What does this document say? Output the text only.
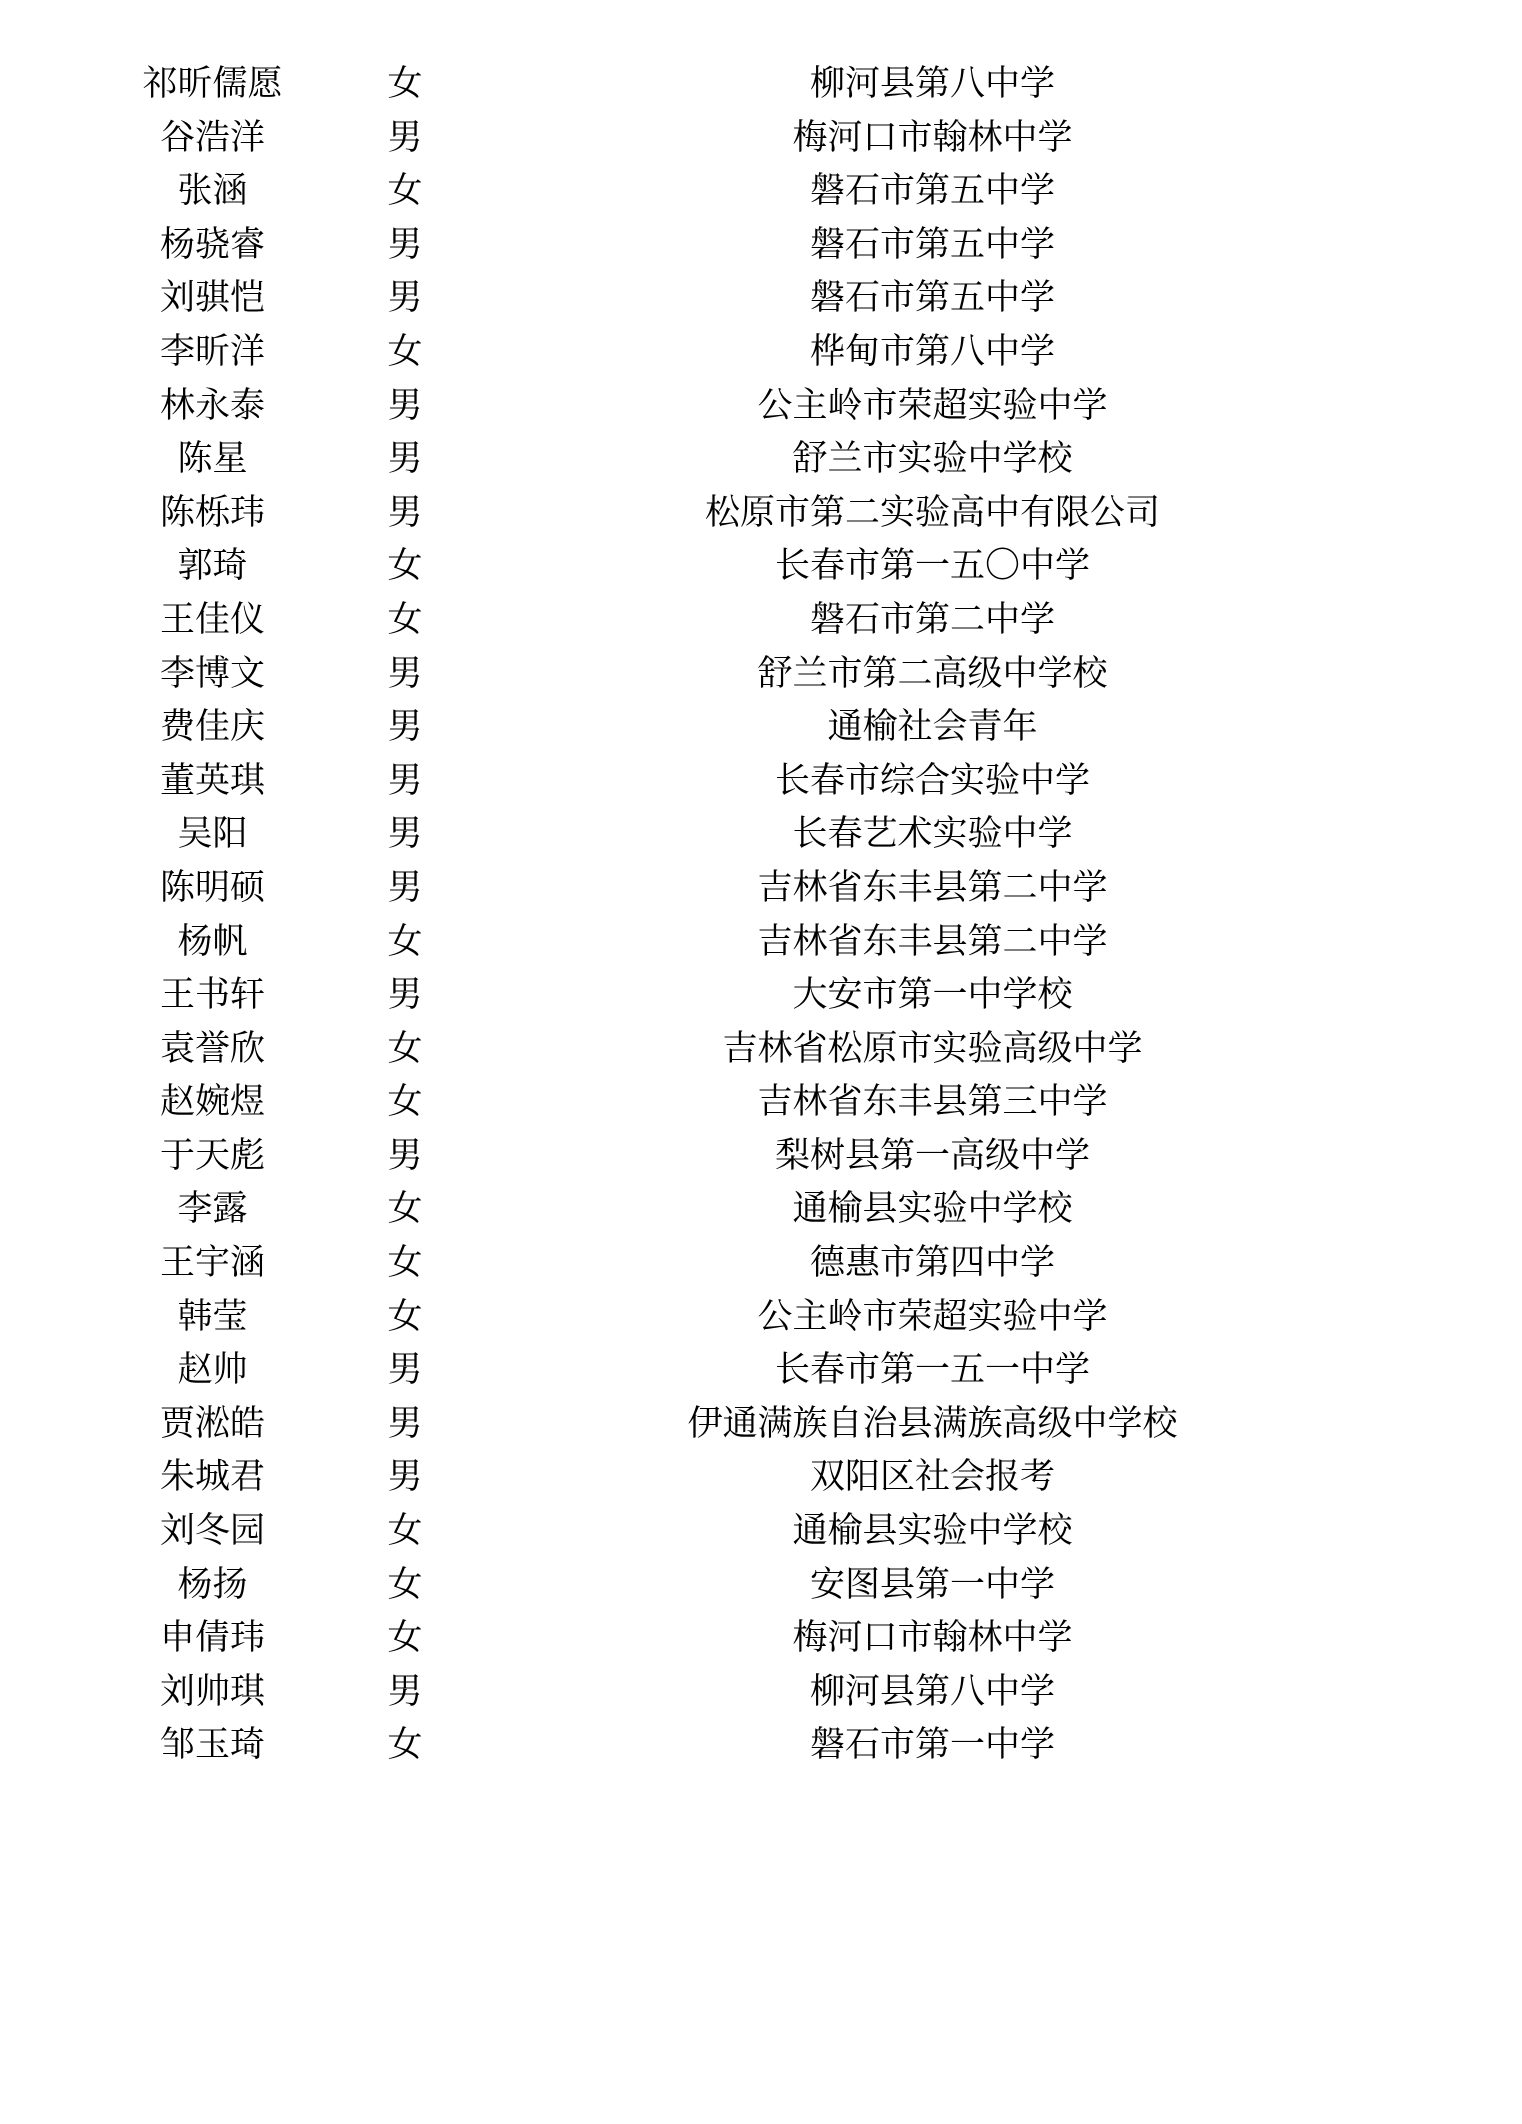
祁昕儒愿	女	柳河县第八中学
谷浩洋	男	梅河口市翰林中学
张涵	女	磐石市第五中学
杨骁睿	男	磐石市第五中学
刘骐恺	男	磐石市第五中学
李昕洋	女	桦甸市第八中学
林永泰	男	公主岭市荣超实验中学
陈星	男	舒兰市实验中学校
陈栎玮	男	松原市第二实验高中有限公司
郭琦	女	长春市第一五〇中学
王佳仪	女	磐石市第二中学
李博文	男	舒兰市第二高级中学校
费佳庆	男	通榆社会青年
董英琪	男	长春市综合实验中学
吴阳	男	长春艺术实验中学
陈明硕	男	吉林省东丰县第二中学
杨帆	女	吉林省东丰县第二中学
王书轩	男	大安市第一中学校
袁誉欣	女	吉林省松原市实验高级中学
赵婉煜	女	吉林省东丰县第三中学
于天彪	男	梨树县第一高级中学
李露	女	通榆县实验中学校
王宇涵	女	德惠市第四中学
韩莹	女	公主岭市荣超实验中学
赵帅	男	长春市第一五一中学
贾淞皓	男	伊通满族自治县满族高级中学校
朱城君	男	双阳区社会报考
刘冬园	女	通榆县实验中学校
杨扬	女	安图县第一中学
申倩玮	女	梅河口市翰林中学
刘帅琪	男	柳河县第八中学
邹玉琦	女	磐石市第一中学
